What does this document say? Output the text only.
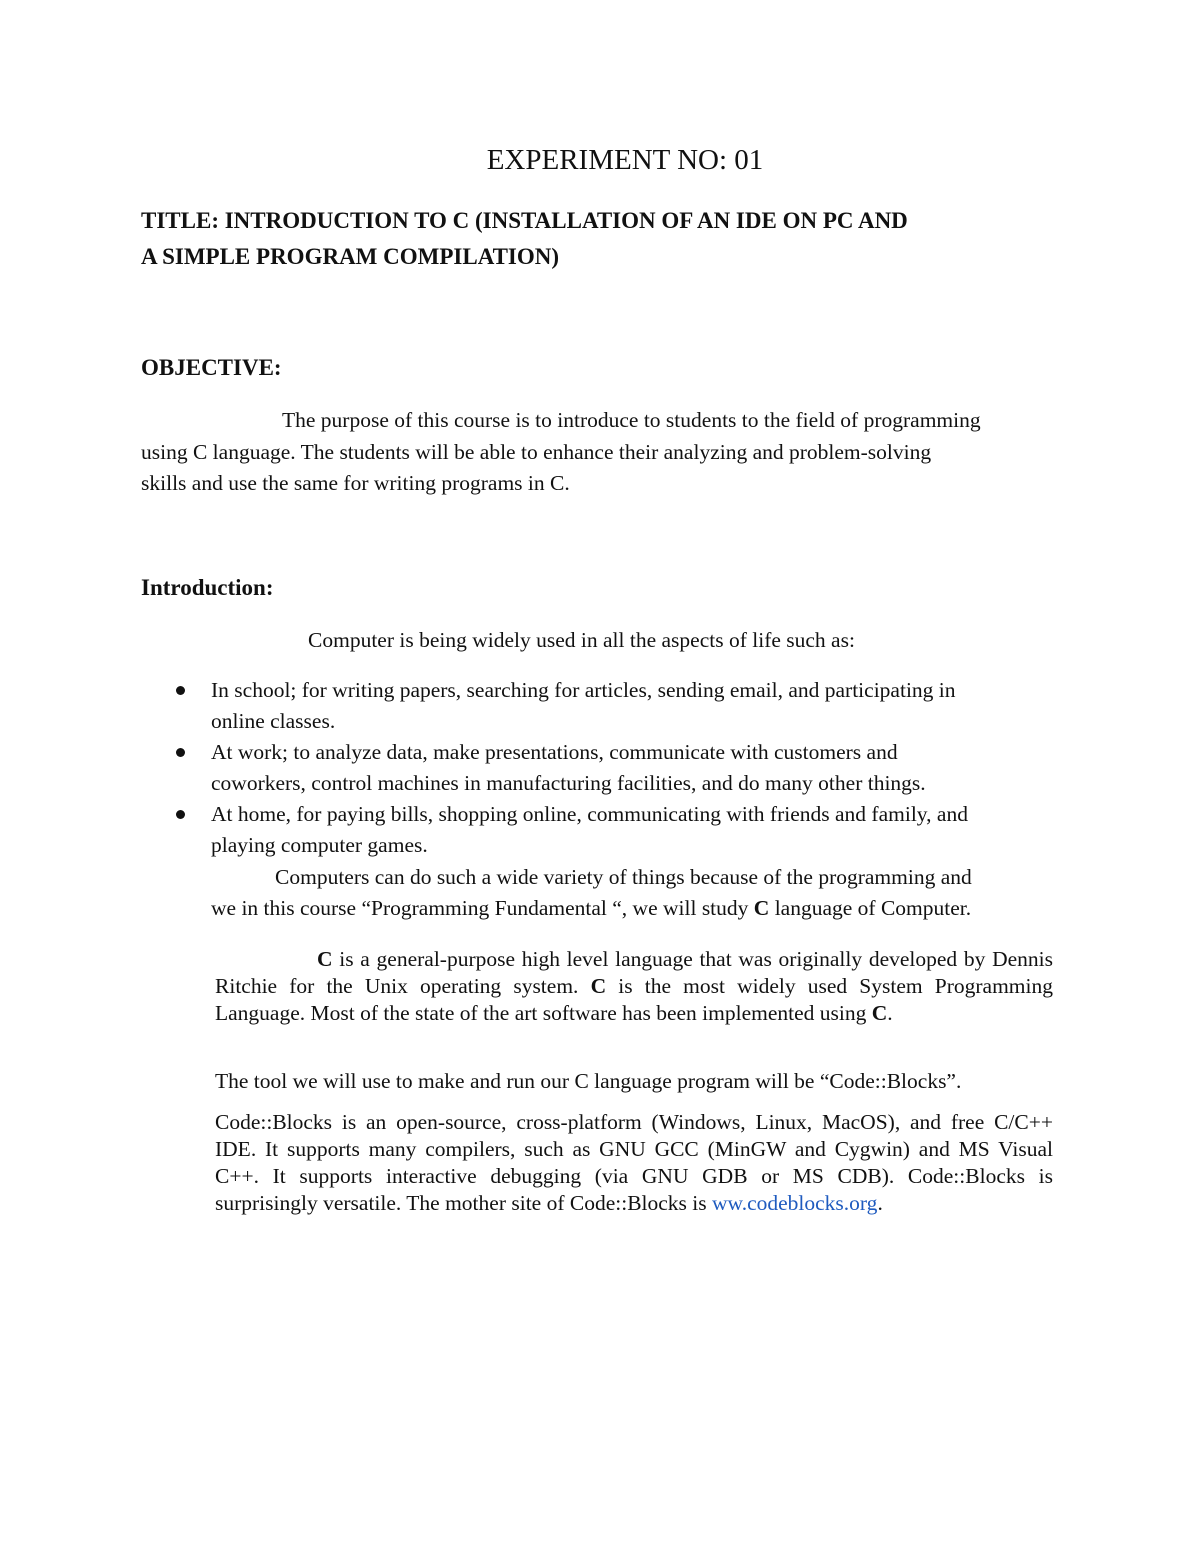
EXPERIMENT NO: 01
TITLE: INTRODUCTION TO C (INSTALLATION OF AN IDE ON PC AND
A SIMPLE PROGRAM COMPILATION)
OBJECTIVE:
The purpose of this course is to introduce to students to the field of programming
using C language. The students will be able to enhance their analyzing and problem-solving
skills and use the same for writing programs in C.
Introduction:
Computer is being widely used in all the aspects of life such as:
In school; for writing papers, searching for articles, sending email, and participating in
online classes.
At work; to analyze data, make presentations, communicate with customers and
coworkers, control machines in manufacturing facilities, and do many other things.
At home, for paying bills, shopping online, communicating with friends and family, and
playing computer games.
Computers can do such a wide variety of things because of the programming and
we in this course “Programming Fundamental “, we will study C language of Computer.
C is a general-purpose high level language that was originally developed by Dennis Ritchie for the Unix operating system. C is the most widely used System Programming Language. Most of the state of the art software has been implemented using C.
The tool we will use to make and run our C language program will be “Code::Blocks”.
Code::Blocks is an open-source, cross-platform (Windows, Linux, MacOS), and free C/C++ IDE. It supports many compilers, such as GNU GCC (MinGW and Cygwin) and MS Visual C++. It supports interactive debugging (via GNU GDB or MS CDB). Code::Blocks is surprisingly versatile. The mother site of Code::Blocks is ww.codeblocks.org.
